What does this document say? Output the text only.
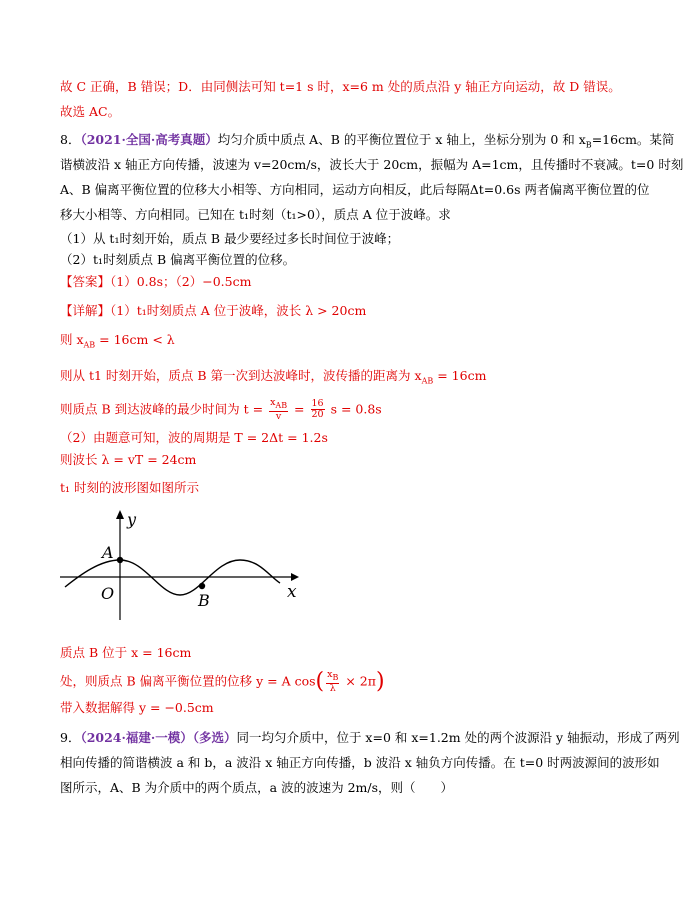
故 C 正确，B 错误；D．由同侧法可知 t=1 s 时，x=6 m 处的质点沿 y 轴正方向运动，故 D 错误。
故选 AC。
8．（2021·全国·高考真题）均匀介质中质点 A、B 的平衡位置位于 x 轴上，坐标分别为 0 和 $x_B=16cm$。某简
谐横波沿 x 轴正方向传播，波速为 v=20cm/s，波长大于 20cm，振幅为 A=1cm，且传播时不衰减。t=0 时刻
A、B 偏离平衡位置的位移大小相等、方向相同，运动方向相反，此后每隔Δt=0.6s 两者偏离平衡位置的位
移大小相等、方向相同。已知在 t₁时刻（t₁>0），质点 A 位于波峰。求
（1）从 t₁时刻开始，质点 B 最少要经过多长时间位于波峰；
（2）t₁时刻质点 B 偏离平衡位置的位移。
【答案】（1）0.8s；（2）−0.5cm
【详解】（1）t₁时刻质点 A 位于波峰，波长 λ > 20cm
则 $x_{AB} = 16cm < \lambda$
则从 t1 时刻开始，质点 B 第一次到达波峰时，波传播的距离为 $x_{AB} = 16cm$
则质点 B 到达波峰的最少时间为 $t = \frac{x_{AB}}{v} = \frac{16}{20}$ s = 0.8s
（2）由题意可知，波的周期是 T = 2Δt = 1.2s
则波长 λ = vT = 24cm
t₁ 时刻的波形图如图所示
y
x
A
O	B
质点 B 位于 x = 16cm
处，则质点 B 偏离平衡位置的位移 y = A $\cos( \frac{x_B}{\lambda} \times 2\pi)$
带入数据解得 y = −0.5cm
9．（2024·福建·一模）（多选）同一均匀介质中，位于 x=0 和 x=1.2m 处的两个波源沿 y 轴振动，形成了两列
相向传播的简谐横波 a 和 b，a 波沿 x 轴正方向传播，b 波沿 x 轴负方向传播。在 t=0 时两波源间的波形如
图所示，A、B 为介质中的两个质点，a 波的波速为 2m/s，则（　　）
